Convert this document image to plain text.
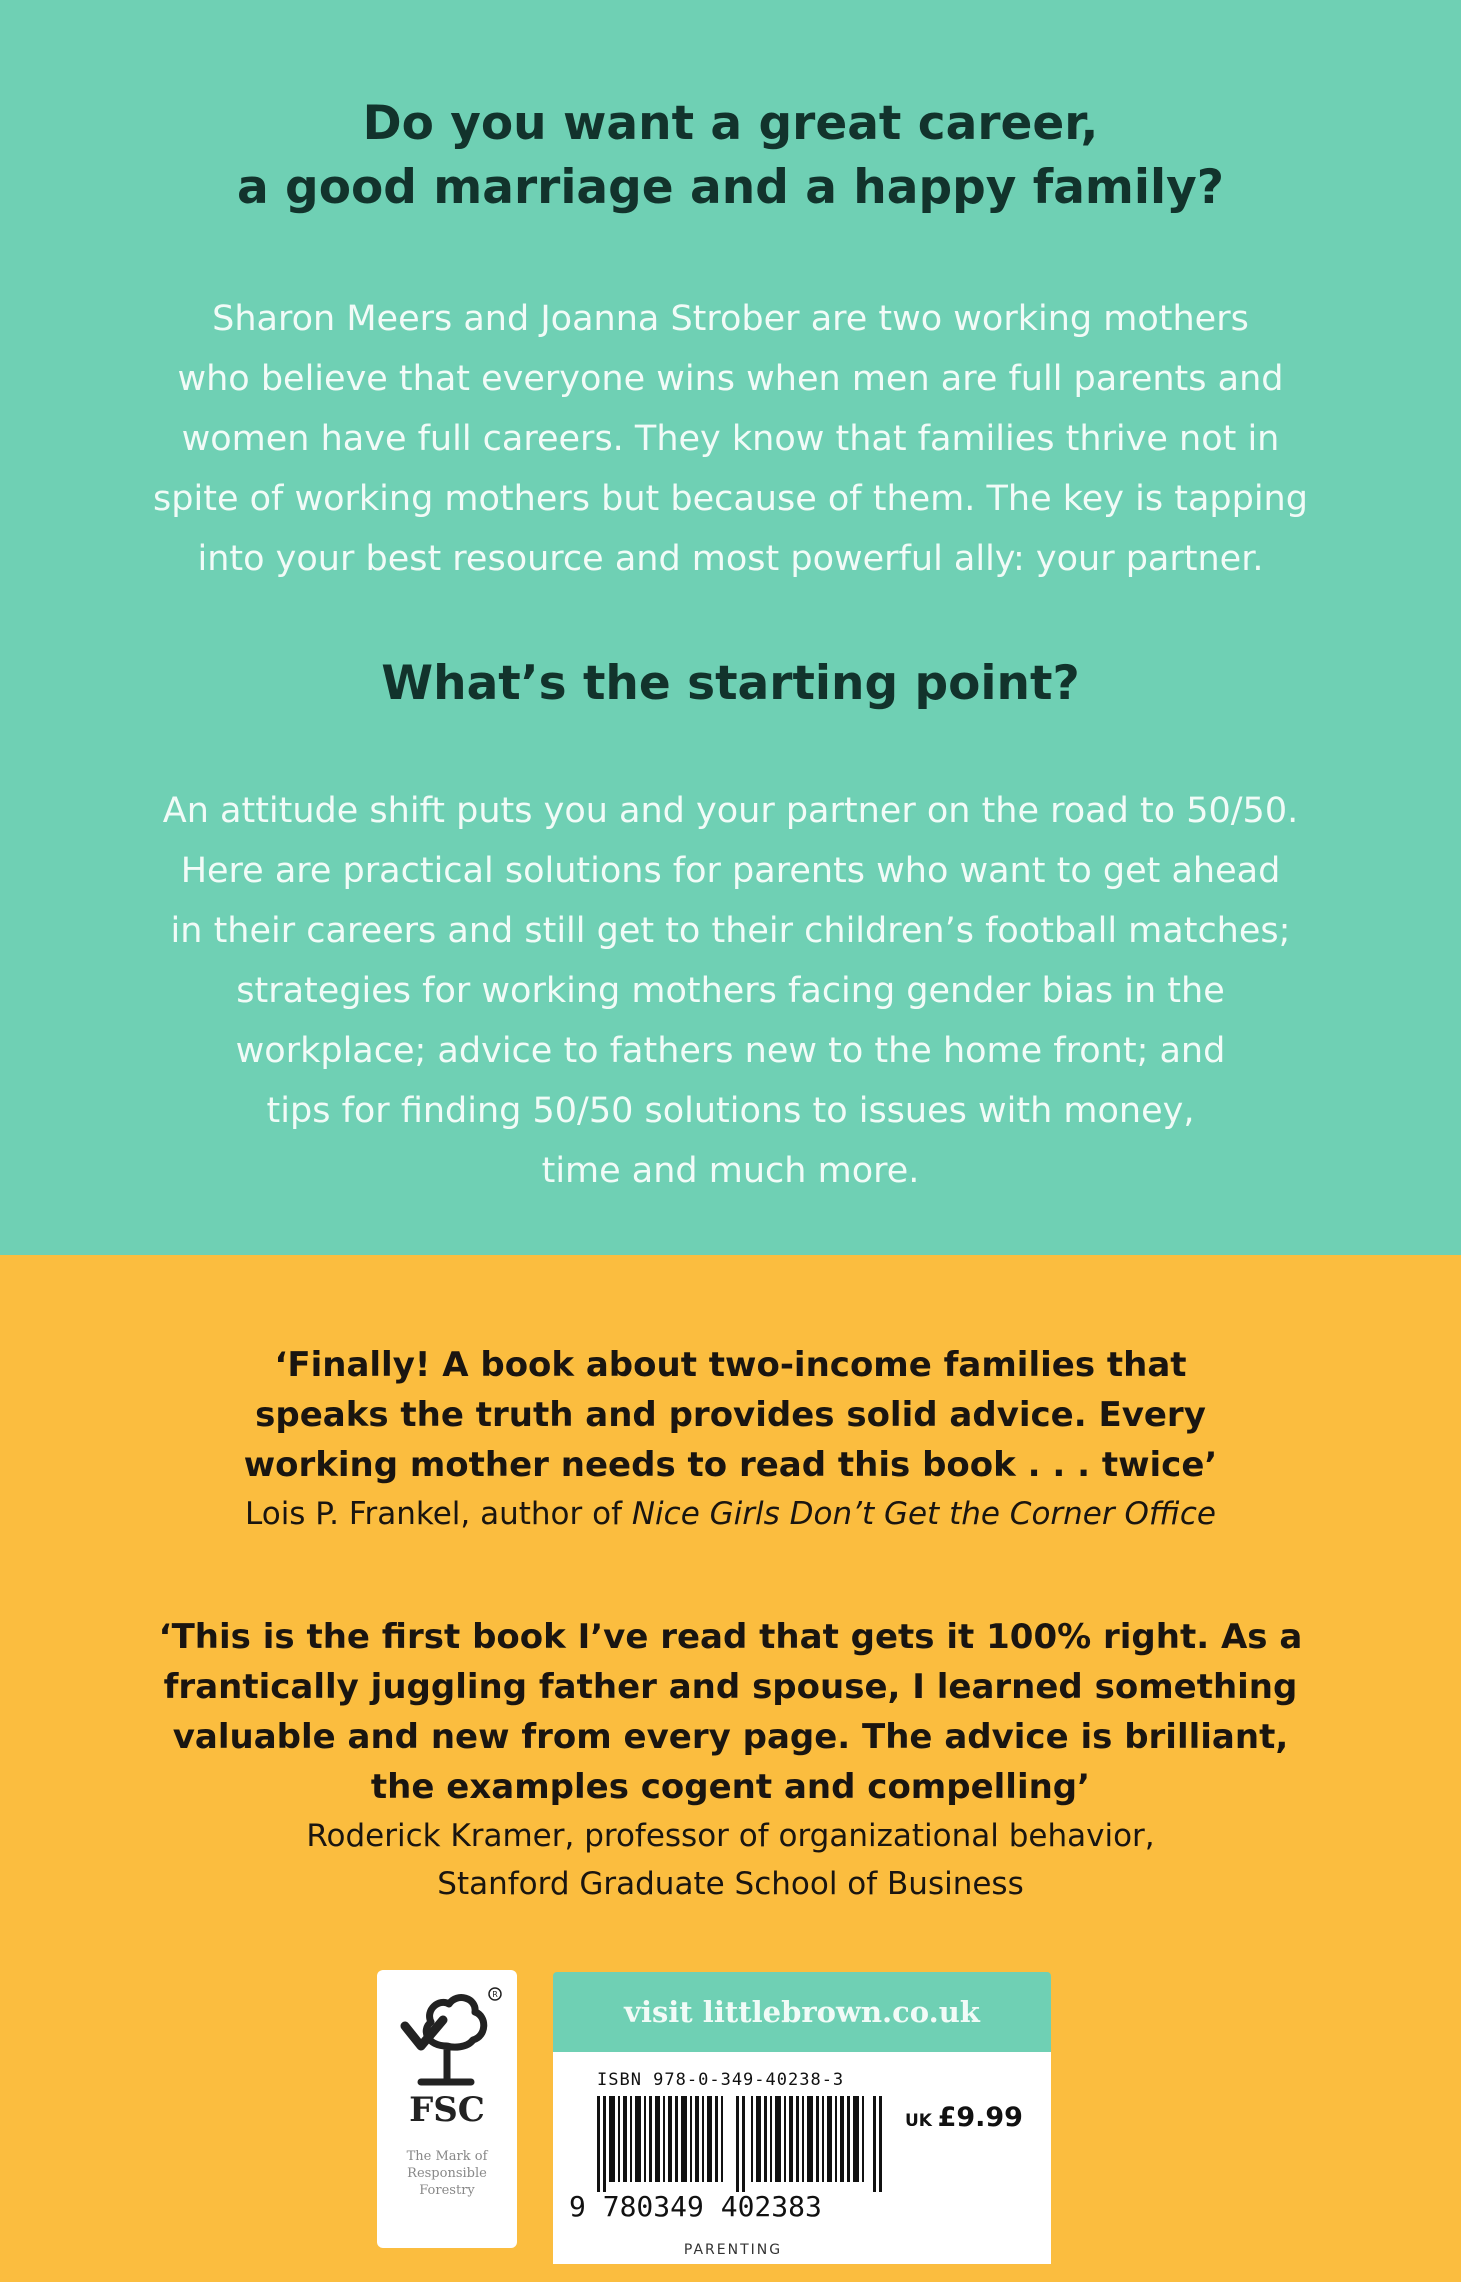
Do you want a great career,
a good marriage and a happy family?

Sharon Meers and Joanna Strober are two working mothers
who believe that everyone wins when men are full parents and
women have full careers. They know that families thrive not in
spite of working mothers but because of them. The key is tapping
into your best resource and most powerful ally: your partner.

What’s the starting point?

An attitude shift puts you and your partner on the road to 50/50.
Here are practical solutions for parents who want to get ahead
in their careers and still get to their children’s football matches;
strategies for working mothers facing gender bias in the
workplace; advice to fathers new to the home front; and
tips for finding 50/50 solutions to issues with money,
time and much more.

‘Finally! A book about two-income families that
speaks the truth and provides solid advice. Every
working mother needs to read this book . . . twice’
Lois P. Frankel, author of Nice Girls Don’t Get the Corner Office
‘This is the first book I’ve read that gets it 100% right. As a
frantically juggling father and spouse, I learned something
valuable and new from every page. The advice is brilliant,
the examples cogent and compelling’
Roderick Kramer, professor of organizational behavior,
Stanford Graduate School of Business
R
FSC
The Mark of
Responsible
Forestry
visit littlebrown.co.uk
ISBN 978-0-349-40238-3
UK £9.99
9 780349 402383
PARENTING
